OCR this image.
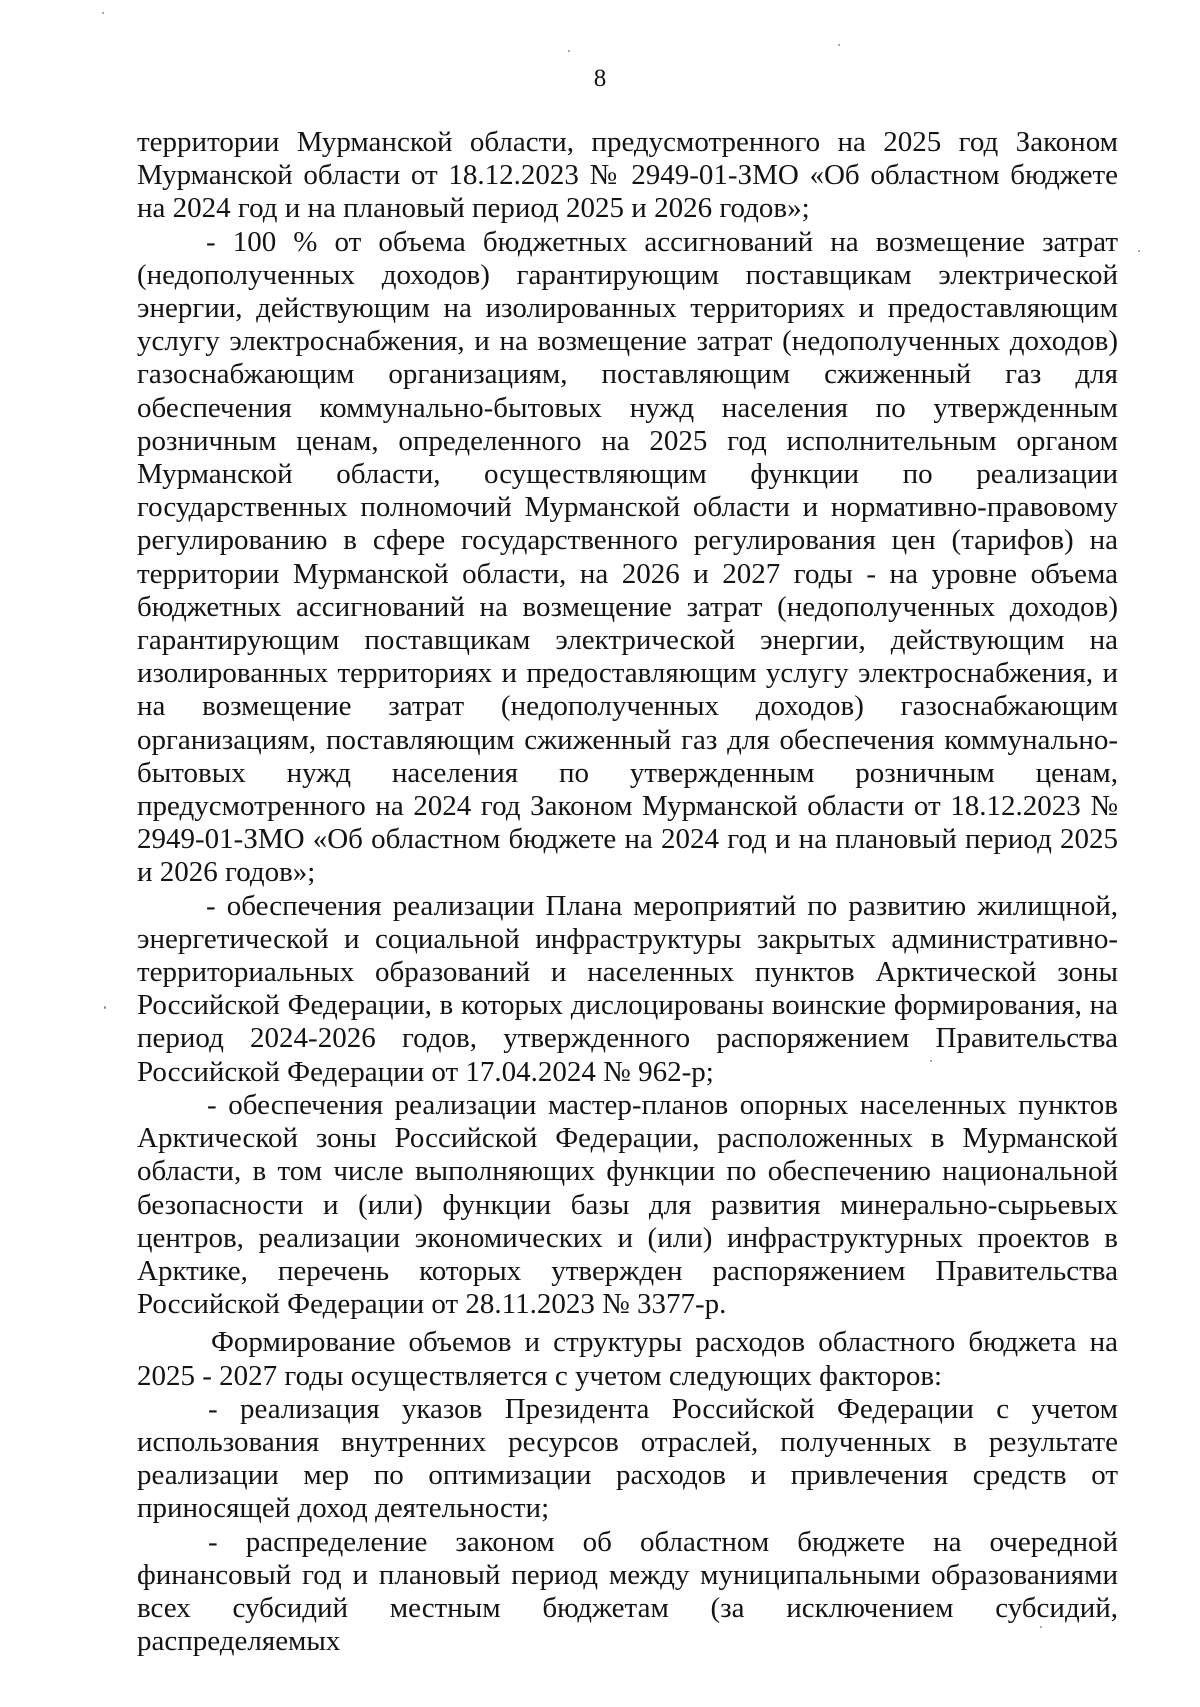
8

территории Мурманской области, предусмотренного на 2025 год Законом Мурманской области от 18.12.2023 № 2949-01-ЗМО «Об областном бюджете на 2024 год и на плановый период 2025 и 2026 годов»;

- 100 % от объема бюджетных ассигнований на возмещение затрат (недополученных доходов) гарантирующим поставщикам электрической энергии, действующим на изолированных территориях и предоставляющим услугу электроснабжения, и на возмещение затрат (недополученных доходов) газоснабжающим организациям, поставляющим сжиженный газ для обеспечения коммунально-бытовых нужд населения по утвержденным розничным ценам, определенного на 2025 год исполнительным органом Мурманской области, осуществляющим функции по реализации государственных полномочий Мурманской области и нормативно-правовому регулированию в сфере государственного регулирования цен (тарифов) на территории Мурманской области, на 2026 и 2027 годы - на уровне объема бюджетных ассигнований на возмещение затрат (недополученных доходов) гарантирующим поставщикам электрической энергии, действующим на изолированных территориях и предоставляющим услугу электроснабжения, и на возмещение затрат (недополученных доходов) газоснабжающим организациям, поставляющим сжиженный газ для обеспечения коммунально-бытовых нужд населения по утвержденным розничным ценам, предусмотренного на 2024 год Законом Мурманской области от 18.12.2023 № 2949-01-ЗМО «Об областном бюджете на 2024 год и на плановый период 2025 и 2026 годов»;

- обеспечения реализации Плана мероприятий по развитию жилищной, энергетической и социальной инфраструктуры закрытых административно-территориальных образований и населенных пунктов Арктической зоны Российской Федерации, в которых дислоцированы воинские формирования, на период 2024-2026 годов, утвержденного распоряжением Правительства Российской Федерации от 17.04.2024 № 962-р;

- обеспечения реализации мастер-планов опорных населенных пунктов Арктической зоны Российской Федерации, расположенных в Мурманской области, в том числе выполняющих функции по обеспечению национальной безопасности и (или) функции базы для развития минерально-сырьевых центров, реализации экономических и (или) инфраструктурных проектов в Арктике, перечень которых утвержден распоряжением Правительства Российской Федерации от 28.11.2023 № 3377-р.

Формирование объемов и структуры расходов областного бюджета на 2025 - 2027 годы осуществляется с учетом следующих факторов:

- реализация указов Президента Российской Федерации с учетом использования внутренних ресурсов отраслей, полученных в результате реализации мер по оптимизации расходов и привлечения средств от приносящей доход деятельности;

- распределение законом об областном бюджете на очередной финансовый год и плановый период между муниципальными образованиями всех субсидий местным бюджетам (за исключением субсидий, распределяемых
